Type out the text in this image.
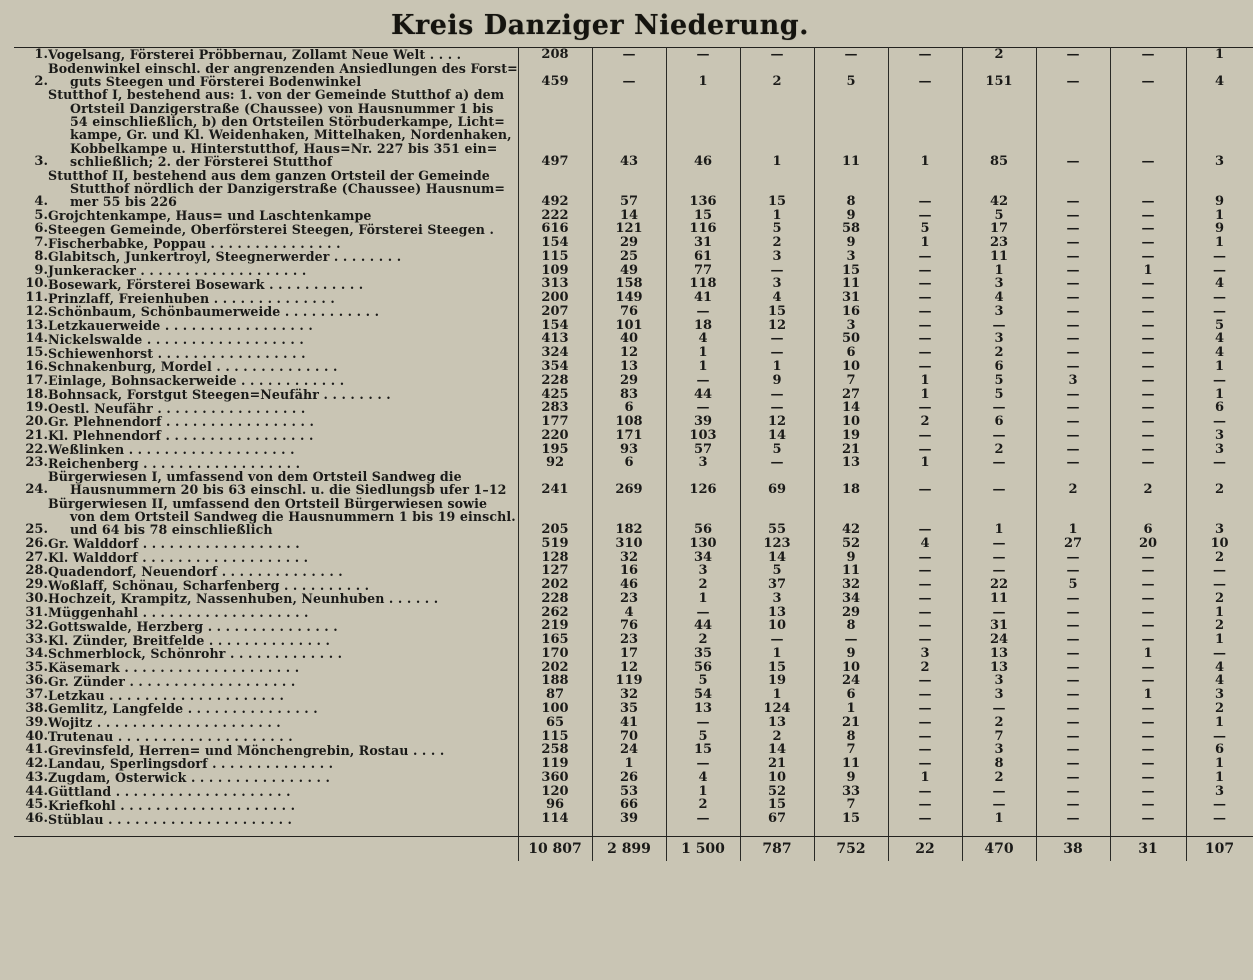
Kreis Danziger Niederung.
1.	Vogelsang, Försterei Pröbbernau, Zollamt Neue Welt . . . .	208	—	—	—	—	—	2	—	—	1
2.	Bodenwinkel einschl. der angrenzenden Ansiedlungen des Forst=
guts Steegen und Försterei Bodenwinkel	459	—	1	2	5	—	151	—	—	4
3.	
Stutthof I, bestehend aus: 1. von der Gemeinde Stutthof a) dem
Ortsteil Danzigerstraße (Chaussee) von Hausnummer 1 bis
54 einschließlich, b) den Ortsteilen Störbuderkampe, Licht=
kampe, Gr. und Kl. Weidenhaken, Mittelhaken, Nordenhaken,
Kobbelkampe u. Hinterstutthof, Haus=Nr. 227 bis 351 ein=
schließlich; 2. der Försterei Stutthof	497	43	46	1	11	1	85	—	—	3
4.	Stutthof II, bestehend aus dem ganzen Ortsteil der Gemeinde
Stutthof nördlich der Danzigerstraße (Chaussee) Hausnum=
mer 55 bis 226	492	57	136	15	8	—	42	—	—	9
5.	Grojchtenkampe, Haus= und Laschtenkampe	222	14	15	1	9	—	5	—	—	1
6.	Steegen Gemeinde, Oberförsterei Steegen, Försterei Steegen .	616	121	116	5	58	5	17	—	—	9
7.	Fischerbabke, Poppau . . . . . . . . . . . . . . .	154	29	31	2	9	1	23	—	—	1
8.	Glabitsch, Junkertroyl, Steegnerwerder . . . . . . . .	115	25	61	3	3	—	11	—	—	—
9.	Junkeracker . . . . . . . . . . . . . . . . . . .	109	49	77	—	15	—	1	—	1	—
10.	Bosewark, Försterei Bosewark . . . . . . . . . . .	313	158	118	3	11	—	3	—	—	4
11.	Prinzlaff, Freienhuben . . . . . . . . . . . . . .	200	149	41	4	31	—	4	—	—	—
12.	Schönbaum, Schönbaumerweide . . . . . . . . . . .	207	76	—	15	16	—	3	—	—	—
13.	Letzkauerweide . . . . . . . . . . . . . . . . .	154	101	18	12	3	—	—	—	—	5
14.	Nickelswalde . . . . . . . . . . . . . . . . . .	413	40	4	—	50	—	3	—	—	4
15.	Schiewenhorst . . . . . . . . . . . . . . . . .	324	12	1	—	6	—	2	—	—	4
16.	Schnakenburg, Mordel . . . . . . . . . . . . . .	354	13	1	1	10	—	6	—	—	1
17.	Einlage, Bohnsackerweide . . . . . . . . . . . .	228	29	—	9	7	1	5	3	—	—
18.	Bohnsack, Forstgut Steegen=Neufähr . . . . . . . .	425	83	44	—	27	1	5	—	—	1
19.	Oestl. Neufähr . . . . . . . . . . . . . . . . .	283	6	—	—	14	—	—	—	—	6
20.	Gr. Plehnendorf . . . . . . . . . . . . . . . . .	177	108	39	12	10	2	6	—	—	—
21.	Kl. Plehnendorf . . . . . . . . . . . . . . . . .	220	171	103	14	19	—	—	—	—	3
22.	Weßlinken . . . . . . . . . . . . . . . . . . .	195	93	57	5	21	—	2	—	—	3
23.	Reichenberg . . . . . . . . . . . . . . . . . .	92	6	3	—	13	1	—	—	—	—
24.	Bürgerwiesen I, umfassend von dem Ortsteil Sandweg die
Hausnummern 20 bis 63 einschl. u. die Siedlungsb ufer 1–12	241	269	126	69	18	—	—	2	2	2
25.	Bürgerwiesen II, umfassend den Ortsteil Bürgerwiesen sowie
von dem Ortsteil Sandweg die Hausnummern 1 bis 19 einschl.
und 64 bis 78 einschließlich	205	182	56	55	42	—	1	1	6	3
26.	Gr. Walddorf . . . . . . . . . . . . . . . . . .	519	310	130	123	52	4	—	27	20	10
27.	Kl. Walddorf . . . . . . . . . . . . . . . . . . .	128	32	34	14	9	—	—	—	—	2
28.	Quadendorf, Neuendorf . . . . . . . . . . . . . .	127	16	3	5	11	—	—	—	—	—
29.	Woßlaff, Schönau, Scharfenberg . . . . . . . . . .	202	46	2	37	32	—	22	5	—	—
30.	Hochzeit, Krampitz, Nassenhuben, Neunhuben . . . . . .	228	23	1	3	34	—	11	—	—	2
31.	Müggenhahl . . . . . . . . . . . . . . . . . . .	262	4	—	13	29	—	—	—	—	1
32.	Gottswalde, Herzberg . . . . . . . . . . . . . . .	219	76	44	10	8	—	31	—	—	2
33.	Kl. Zünder, Breitfelde . . . . . . . . . . . . . .	165	23	2	—	—	—	24	—	—	1
34.	Schmerblock, Schönrohr . . . . . . . . . . . . .	170	17	35	1	9	3	13	—	1	—
35.	Käsemark . . . . . . . . . . . . . . . . . . . .	202	12	56	15	10	2	13	—	—	4
36.	Gr. Zünder . . . . . . . . . . . . . . . . . . .	188	119	5	19	24	—	3	—	—	4
37.	Letzkau . . . . . . . . . . . . . . . . . . . .	87	32	54	1	6	—	3	—	1	3
38.	Gemlitz, Langfelde . . . . . . . . . . . . . . .	100	35	13	124	1	—	—	—	—	2
39.	Wojitz . . . . . . . . . . . . . . . . . . . . .	65	41	—	13	21	—	2	—	—	1
40.	Trutenau . . . . . . . . . . . . . . . . . . . .	115	70	5	2	8	—	7	—	—	—
41.	Grevinsfeld, Herren= und Mönchengrebin, Rostau . . . .	258	24	15	14	7	—	3	—	—	6
42.	Landau, Sperlingsdorf . . . . . . . . . . . . . .	119	1	—	21	11	—	8	—	—	1
43.	Zugdam, Osterwick . . . . . . . . . . . . . . . .	360	26	4	10	9	1	2	—	—	1
44.	Güttland . . . . . . . . . . . . . . . . . . . .	120	53	1	52	33	—	—	—	—	3
45.	Kriefkohl . . . . . . . . . . . . . . . . . . . .	96	66	2	15	7	—	—	—	—	—
46.	Stüblau . . . . . . . . . . . . . . . . . . . . .	114	39	—	67	15	—	1	—	—	—

		10 807	2 899	1 500	787	752	22	470	38	31	107
